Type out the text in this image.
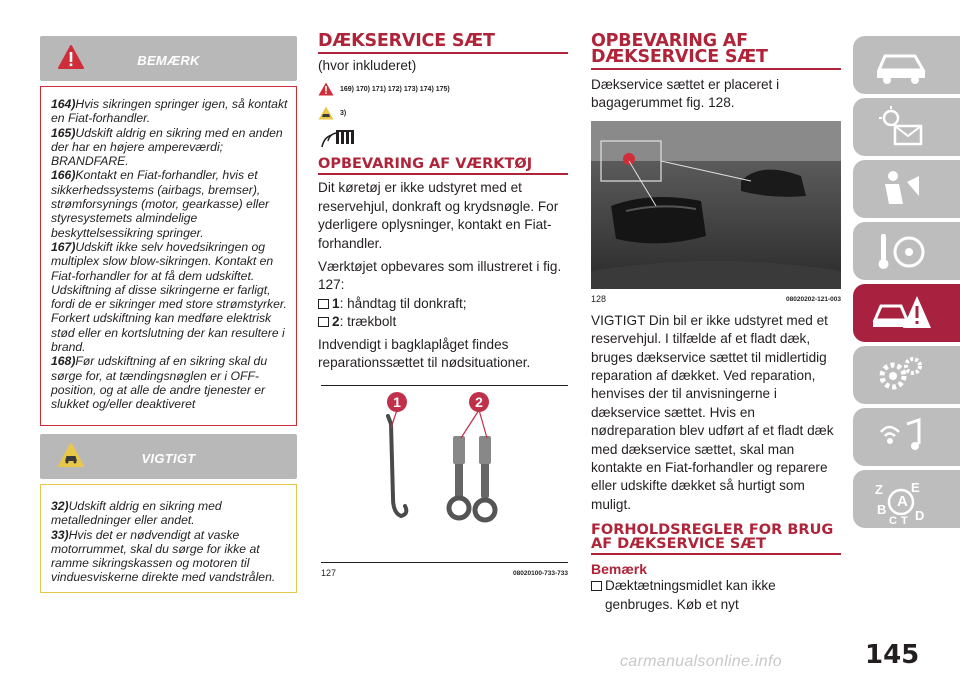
BEMÆRK

164)Hvis sikringen springer igen, så kontakt en Fiat-forhandler.

165)Udskift aldrig en sikring med en anden der har en højere ampereværdi; BRANDFARE.

166)Kontakt en Fiat-forhandler, hvis et sikkerhedssystems (airbags, bremser), strømforsynings (motor, gearkasse) eller styresystemets almindelige beskyttelsessikring springer.

167)Udskift ikke selv hovedsikringen og multiplex slow blow-sikringen. Kontakt en Fiat-forhandler for at få dem udskiftet. Udskiftning af disse sikringerne er farligt, fordi de er sikringer med store strømstyrker. Forkert udskiftning kan medføre elektrisk stød eller en kortslutning der kan resultere i brand.

168)Før udskiftning af en sikring skal du sørge for, at tændingsnøglen er i OFF-position, og at alle de andre tjenester er slukket og/eller deaktiveret

VIGTIGT

32)Udskift aldrig en sikring med metalledninger eller andet.

33)Hvis det er nødvendigt at vaske motorrummet, skal du sørge for ikke at ramme sikringskassen og motoren til vinduesviskerne direkte med vandstrålen.

DÆKSERVICE SÆT
(hvor inkluderet)
169) 170) 171) 172) 173) 174) 175)
3)
OPBEVARING AF VÆRKTØJ
Dit køretøj er ikke udstyret med et reservehjul, donkraft og krydsnøgle. For yderligere oplysninger, kontakt en Fiat-forhandler.
Værktøjet opbevares som illustreret i fig. 127:
1 : håndtag til donkraft;
2 : trækbolt
Indvendigt i bagklaplåget findes reparationssættet til nødsituationer.
1	2
127	08020100-733-733
OPBEVARING AF DÆKSERVICE SÆT
Dækservice sættet er placeret i bagagerummet fig. 128.
128	08020202-121-003
VIGTIGT Din bil er ikke udstyret med et reservehjul. I tilfælde af et fladt dæk, bruges dækservice sættet til midlertidig reparation af dækket. Ved reparation, henvises der til anvisningerne i dækservice sættet. Hvis en nødreparation blev udført af et fladt dæk med dækservice sættet, skal man kontakte en Fiat-forhandler og reparere eller udskifte dækket så hurtigt som muligt.
FORHOLDSREGLER FOR BRUG AF DÆKSERVICE SÆT
Bemærk
Dæktætningsmidlet kan ikke genbruges. Køb et nyt
Z E
A
B D
C T
145
carmanualsonline.info
